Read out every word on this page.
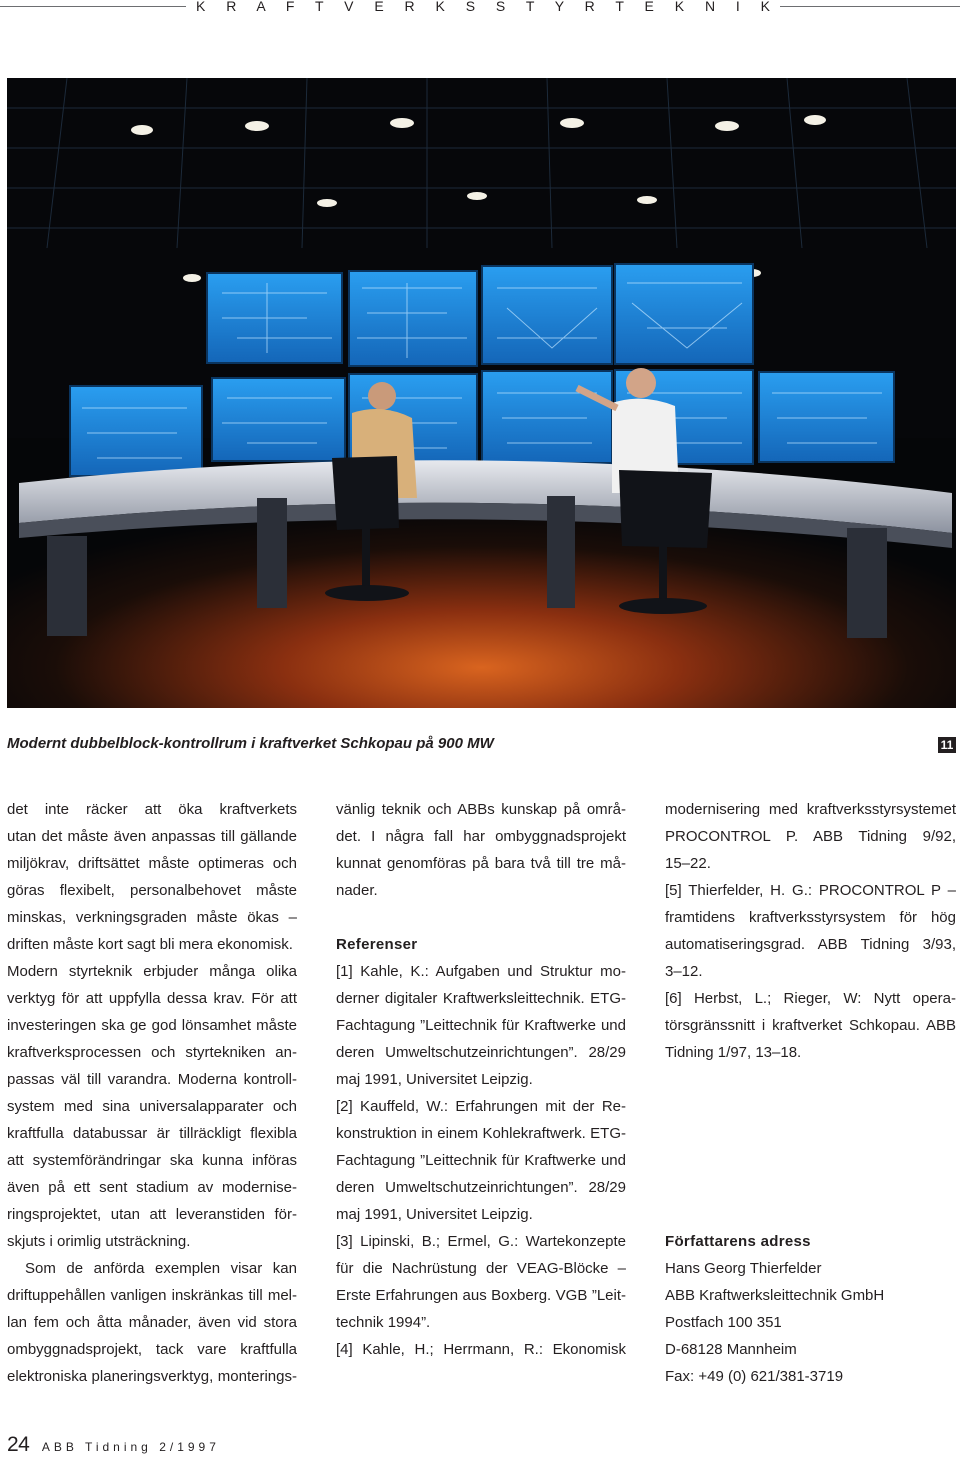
K R A F T V E R K S S T Y R T E K N I K
Modernt dubbelblock-kontrollrum i kraftverket Schkopau på 900 MW	11
det inte räcker att öka kraftverkets
utan det måste även anpassas till gällande
miljökrav, driftsättet måste optimeras och
göras flexibelt, personalbehovet måste
minskas, verkningsgraden måste ökas –
driften måste kort sagt bli mera ekonomisk.
Modern styrteknik erbjuder många olika
verktyg för att uppfylla dessa krav. För att
investeringen ska ge god lönsamhet måste
kraftverksprocessen och styrtekniken an-
passas väl till varandra. Moderna kontroll-
system med sina universalapparater och
kraftfulla databussar är tillräckligt flexibla
att systemförändringar ska kunna införas
även på ett sent stadium av modernise-
ringsprojektet, utan att leveranstiden för-
skjuts i orimlig utsträckning.
Som de anförda exemplen visar kan
driftuppehållen vanligen inskränkas till mel-
lan fem och åtta månader, även vid stora
ombyggnadsprojekt, tack vare kraftfulla
elektroniska planeringsverktyg, monterings-
vänlig teknik och ABBs kunskap på områ-
det. I några fall har ombyggnadsprojekt
kunnat genomföras på bara två till tre må-
nader.
Referenser
[1] Kahle, K.: Aufgaben und Struktur mo-
derner digitaler Kraftwerksleittechnik. ETG-
Fachtagung ”Leittechnik für Kraftwerke und
deren Umweltschutzeinrichtungen”. 28/29
maj 1991, Universitet Leipzig.
[2] Kauffeld, W.: Erfahrungen mit der Re-
konstruktion in einem Kohlekraftwerk. ETG-
Fachtagung ”Leittechnik für Kraftwerke und
deren Umweltschutzeinrichtungen”. 28/29
maj 1991, Universitet Leipzig.
[3] Lipinski, B.; Ermel, G.: Wartekonzepte
für die Nachrüstung der VEAG-Blöcke –
Erste Erfahrungen aus Boxberg. VGB ”Leit-
technik 1994”.
[4] Kahle, H.; Herrmann, R.: Ekonomisk
modernisering med kraftverksstyrsystemet
PROCONTROL P. ABB Tidning 9/92,
15–22.
[5] Thierfelder, H. G.: PROCONTROL P –
framtidens kraftverksstyrsystem för hög
automatiseringsgrad. ABB Tidning 3/93,
3–12.
[6] Herbst, L.; Rieger, W: Nytt opera-
törsgränssnitt i kraftverket Schkopau. ABB
Tidning 1/97, 13–18.
Författarens adress
Hans Georg Thierfelder
ABB Kraftwerksleittechnik GmbH
Postfach 100 351
D-68128 Mannheim
Fax: +49 (0) 621/381-3719
24 ABB Tidning 2/1997
